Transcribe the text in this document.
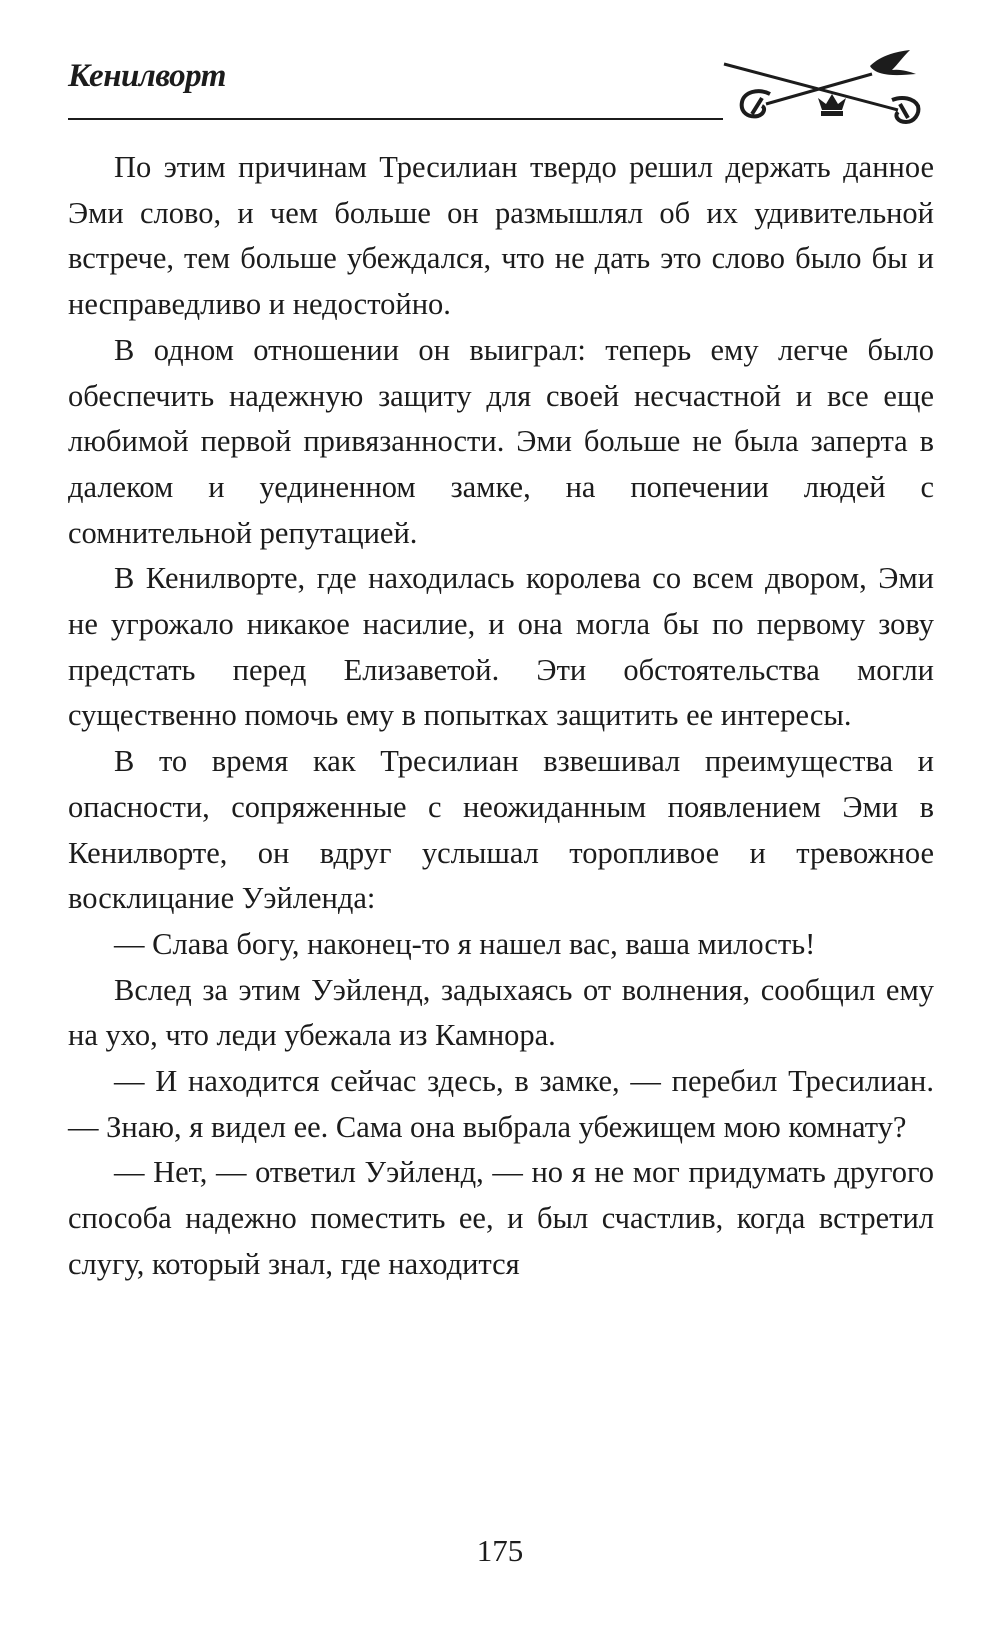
Кенилворт

По этим причинам Тресилиан твердо решил держать данное Эми слово, и чем больше он размышлял об их удивительной встрече, тем больше убеждался, что не дать это слово было бы и несправедливо и недостойно.

В одном отношении он выиграл: теперь ему легче было обеспечить надежную защиту для своей несчастной и все еще любимой первой привязанности. Эми больше не была заперта в далеком и уединенном замке, на попечении людей с сомнительной репутацией.

В Кенилворте, где находилась королева со всем двором, Эми не угрожало никакое насилие, и она могла бы по первому зову предстать перед Елизаветой. Эти обстоятельства могли существенно помочь ему в попытках защитить ее интересы.

В то время как Тресилиан взвешивал преимущества и опасности, сопряженные с неожиданным появлением Эми в Кенилворте, он вдруг услышал торопливое и тревожное восклицание Уэйленда:

— Слава богу, наконец-то я нашел вас, ваша милость!

Вслед за этим Уэйленд, задыхаясь от волнения, сообщил ему на ухо, что леди убежала из Камнора.

— И находится сейчас здесь, в замке, — перебил Тресилиан. — Знаю, я видел ее. Сама она выбрала убежищем мою комнату?

— Нет, — ответил Уэйленд, — но я не мог придумать другого способа надежно поместить ее, и был счастлив, когда встретил слугу, который знал, где находится

175
